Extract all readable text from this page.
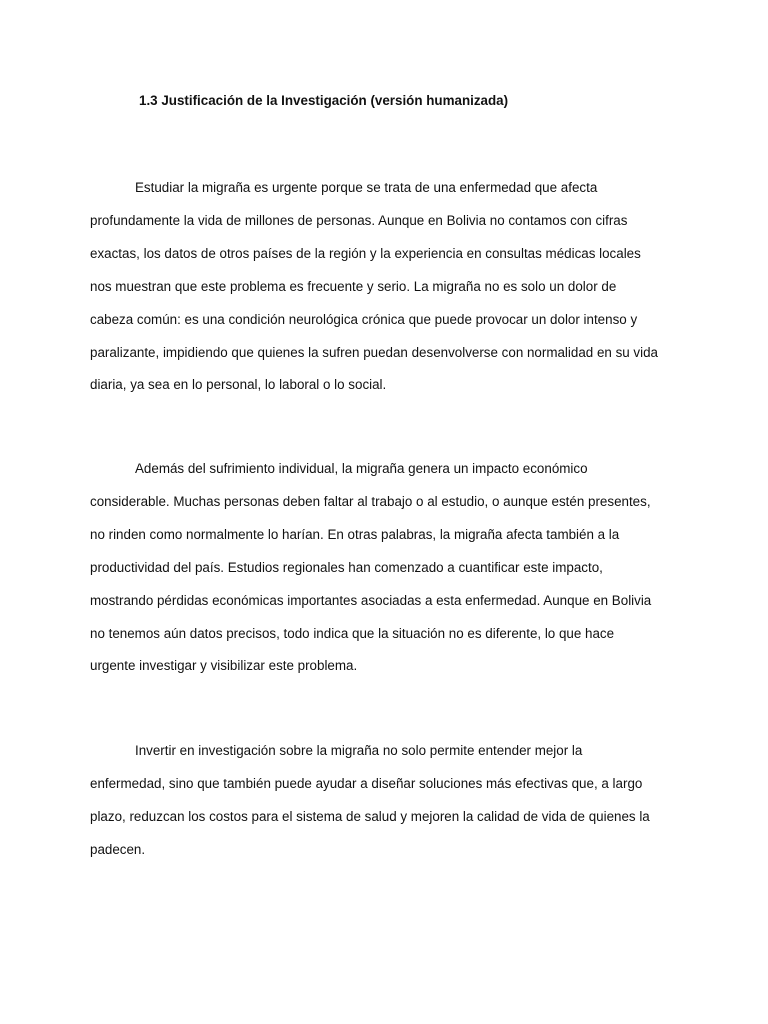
1.3 Justificación de la Investigación (versión humanizada)

Estudiar la migraña es urgente porque se trata de una enfermedad que afecta
profundamente la vida de millones de personas. Aunque en Bolivia no contamos con cifras
exactas, los datos de otros países de la región y la experiencia en consultas médicas locales
nos muestran que este problema es frecuente y serio. La migraña no es solo un dolor de
cabeza común: es una condición neurológica crónica que puede provocar un dolor intenso y
paralizante, impidiendo que quienes la sufren puedan desenvolverse con normalidad en su vida
diaria, ya sea en lo personal, lo laboral o lo social.

Además del sufrimiento individual, la migraña genera un impacto económico
considerable. Muchas personas deben faltar al trabajo o al estudio, o aunque estén presentes,
no rinden como normalmente lo harían. En otras palabras, la migraña afecta también a la
productividad del país. Estudios regionales han comenzado a cuantificar este impacto,
mostrando pérdidas económicas importantes asociadas a esta enfermedad. Aunque en Bolivia
no tenemos aún datos precisos, todo indica que la situación no es diferente, lo que hace
urgente investigar y visibilizar este problema.

Invertir en investigación sobre la migraña no solo permite entender mejor la
enfermedad, sino que también puede ayudar a diseñar soluciones más efectivas que, a largo
plazo, reduzcan los costos para el sistema de salud y mejoren la calidad de vida de quienes la
padecen.
